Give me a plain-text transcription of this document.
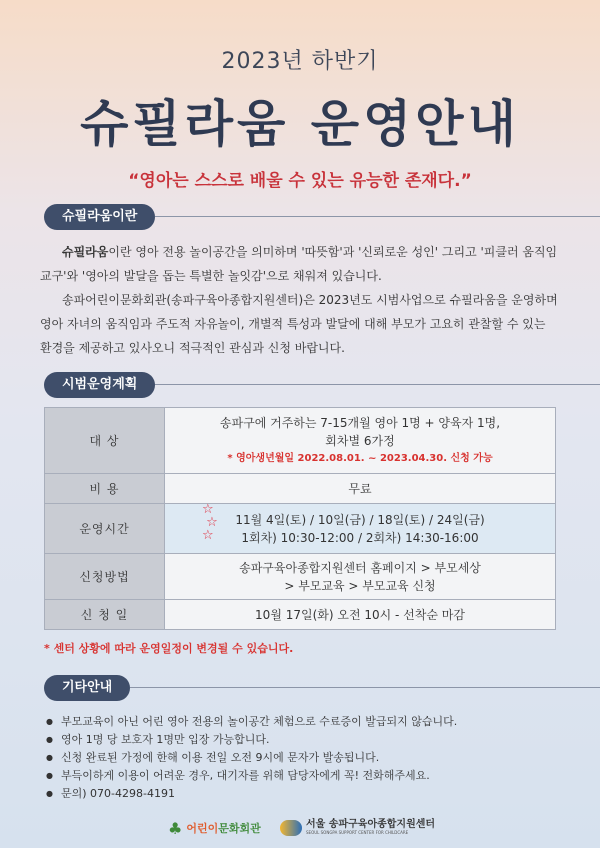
2023년 하반기
슈필라움 운영안내
“영아는 스스로 배울 수 있는 유능한 존재다.”
슈필라움이란

슈필라움이란 영아 전용 놀이공간을 의미하며 '따뜻함'과 '신뢰로운 성인' 그리고 '피클러 움직임 교구'와 '영아의 발달을 돕는 특별한 놀잇감'으로 채워져 있습니다.

송파어린이문화회관(송파구육아종합지원센터)은 2023년도 시범사업으로 슈필라움을 운영하며 영아 자녀의 움직임과 주도적 자유놀이, 개별적 특성과 발달에 대해 부모가 고요히 관찰할 수 있는 환경을 제공하고 있사오니 적극적인 관심과 신청 바랍니다.

시범운영계획
대 상	송파구에 거주하는 7-15개월 영아 1명 + 양육자 1명,
회차별 6가정
* 영아생년월일 2022.08.01. ~ 2023.04.30. 신청 가능

비 용	무료
운영시간	11월 4일(토) / 10일(금) / 18일(토) / 24일(금)
1회차) 10:30-12:00 / 2회차) 14:30-16:00

신청방법	송파구육아종합지원센터 홈페이지 > 부모세상
> 부모교육 > 부모교육 신청

신 청 일	10월 17일(화) 오전 10시 - 선착순 마감
☆
☆
☆
* 센터 상황에 따라 운영일정이 변경될 수 있습니다.
기타안내
● 부모교육이 아닌 어린 영아 전용의 놀이공간 체험으로 수료증이 발급되지 않습니다.
● 영아 1명 당 보호자 1명만 입장 가능합니다.
● 신청 완료된 가정에 한해 이용 전일 오전 9시에 문자가 발송됩니다.
● 부득이하게 이용이 어려운 경우, 대기자를 위해 담당자에게 꼭! 전화해주세요.
● 문의) 070-4298-4191
♣ 어린이문화회관	서울 송파구육아종합지원센터
SEOUL SONGPA SUPPORT CENTER FOR CHILDCARE
